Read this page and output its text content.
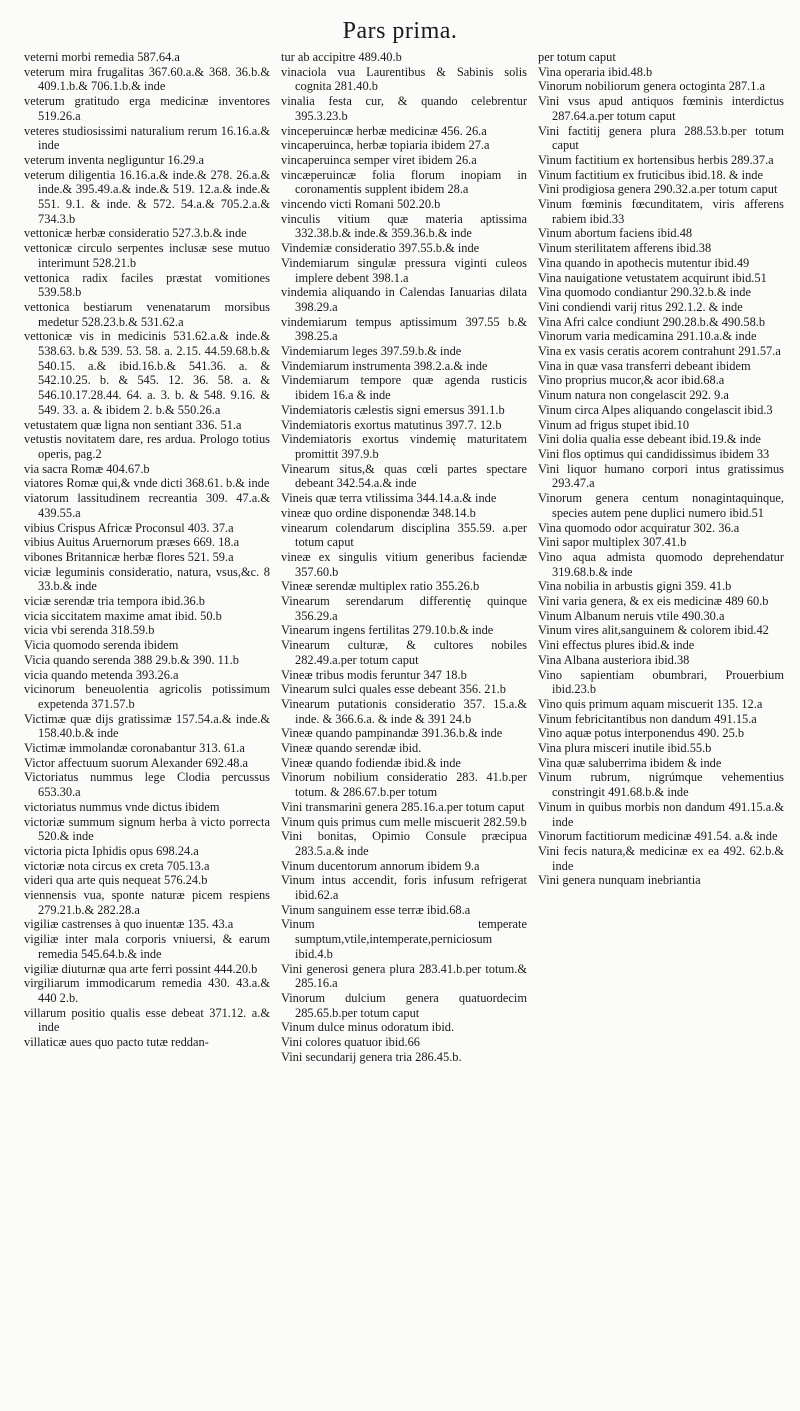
Pars prima.

veterni morbi remedia 587.64.a

veterum mira frugalitas 367.60.a.& 368. 36.b.& 409.1.b.& 706.1.b.& inde

veterum gratitudo erga medicinæ inventores 519.26.a

veteres studiosissimi naturalium rerum 16.16.a.& inde

veterum inventa negliguntur 16.29.a

veterum diligentia 16.16.a.& inde.& 278. 26.a.& inde.& 395.49.a.& inde.& 519. 12.a.& inde.& 551. 9.1. & inde. & 572. 54.a.& 705.2.a.& 734.3.b

vettonicæ herbæ consideratio 527.3.b.& inde

vettonicæ circulo serpentes inclusæ sese mutuo interimunt 528.21.b

vettonica radix faciles præstat vomitiones 539.58.b

vettonica bestiarum venenatarum morsibus medetur 528.23.b.& 531.62.a

vettonicæ vis in medicinis 531.62.a.& inde.& 538.63. b.& 539. 53. 58. a. 2.15. 44.59.68.b.& 540.15. a.& ibid.16.b.& 541.36. a. & 542.10.25. b. & 545. 12. 36. 58. a. & 546.10.17.28.44. 64. a. 3. b. & 548. 9.16. & 549. 33. a. & ibidem 2. b.& 550.26.a

vetustatem quæ ligna non sentiant 336. 51.a

vetustis novitatem dare, res ardua. Prologo totius operis, pag.2

via sacra Romæ 404.67.b

viatores Romæ qui,& vnde dicti 368.61. b.& inde

viatorum lassitudinem recreantia 309. 47.a.& 439.55.a

vibius Crispus Africæ Proconsul 403. 37.a

vibius Auitus Aruernorum præses 669. 18.a

vibones Britannicæ herbæ flores 521. 59.a

viciæ leguminis consideratio, natura, vsus,&c. 8 33.b.& inde

viciæ serendæ tria tempora ibid.36.b

vicia siccitatem maxime amat ibid. 50.b

vicia vbi serenda 318.59.b

Vicia quomodo serenda ibidem

Vicia quando serenda 388 29.b.& 390. 11.b

vicia quando metenda 393.26.a

vicinorum beneuolentia agricolis potissimum expetenda 371.57.b

Victimæ quæ dijs gratissimæ 157.54.a.& inde.& 158.40.b.& inde

Victimæ immolandæ coronabantur 313. 61.a

Victor affectuum suorum Alexander 692.48.a

Victoriatus nummus lege Clodia percussus 653.30.a

victoriatus nummus vnde dictus ibidem

victoriæ summum signum herba à victo porrecta 520.& inde

victoria picta Iphidis opus 698.24.a

victoriæ nota circus ex creta 705.13.a

videri qua arte quis nequeat 576.24.b

viennensis vua, sponte naturæ picem respiens 279.21.b.& 282.28.a

vigiliæ castrenses à quo inuentæ 135. 43.a

vigiliæ inter mala corporis vniuersi, & earum remedia 545.64.b.& inde

vigiliæ diuturnæ qua arte ferri possint 444.20.b

virgiliarum immodicarum remedia 430. 43.a.& 440 2.b.

villarum positio qualis esse debeat 371.12. a.& inde

villaticæ aues quo pacto tutæ reddan-

tur ab accipitre 489.40.b

vinaciola vua Laurentibus & Sabinis solis cognita 281.40.b

vinalia festa cur, & quando celebrentur 395.3.23.b

vinceperuincæ herbæ medicinæ 456. 26.a

vincaperuinca, herbæ topiaria ibidem 27.a

vincaperuinca semper viret ibidem 26.a

vincæperuincæ folia florum inopiam in coronamentis supplent ibidem 28.a

vincendo victi Romani 502.20.b

vinculis vitium quæ materia aptissima 332.38.b.& inde.& 359.36.b.& inde

Vindemiæ consideratio 397.55.b.& inde

Vindemiarum singulæ pressura viginti culeos implere debent 398.1.a

vindemia aliquando in Calendas Ianuarias dilata 398.29.a

vindemiarum tempus aptissimum 397.55 b.& 398.25.a

Vindemiarum leges 397.59.b.& inde

Vindemiarum instrumenta 398.2.a.& inde

Vindemiarum tempore quæ agenda rusticis ibidem 16.a & inde

Vindemiatoris cælestis signi emersus 391.1.b

Vindemiatoris exortus matutinus 397.7. 12.b

Vindemiatoris exortus vindemię maturitatem promittit 397.9.b

Vinearum situs,& quas cœli partes spectare debeant 342.54.a.& inde

Vineis quæ terra vtilissima 344.14.a.& inde

vineæ quo ordine disponendæ 348.14.b

vinearum colendarum disciplina 355.59. a.per totum caput

vineæ ex singulis vitium generibus faciendæ 357.60.b

Vineæ serendæ multiplex ratio 355.26.b

Vinearum serendarum differentię quinque 356.29.a

Vinearum ingens fertilitas 279.10.b.& inde

Vinearum culturæ, & cultores nobiles 282.49.a.per totum caput

Vineæ tribus modis feruntur 347 18.b

Vinearum sulci quales esse debeant 356. 21.b

Vinearum putationis consideratio 357. 15.a.& inde. & 366.6.a. & inde & 391 24.b

Vineæ quando pampinandæ 391.36.b.& inde

Vineæ quando serendæ ibid.

Vineæ quando fodiendæ ibid.& inde

Vinorum nobilium consideratio 283. 41.b.per totum. & 286.67.b.per totum

Vini transmarini genera 285.16.a.per totum caput

Vinum quis primus cum melle miscuerit 282.59.b

Vini bonitas, Opimio Consule præcipua 283.5.a.& inde

Vinum ducentorum annorum ibidem 9.a

Vinum intus accendit, foris infusum refrigerat ibid.62.a

Vinum sanguinem esse terræ ibid.68.a

Vinum temperate sumptum,vtile,intemperate,perniciosum ibid.4.b

Vini generosi genera plura 283.41.b.per totum.& 285.16.a

Vinorum dulcium genera quatuordecim 285.65.b.per totum caput

Vinum dulce minus odoratum ibid.

Vini colores quatuor ibid.66

Vini secundarij genera tria 286.45.b.

per totum caput

Vina operaria ibid.48.b

Vinorum nobiliorum genera octoginta 287.1.a

Vini vsus apud antiquos fœminis interdictus 287.64.a.per totum caput

Vini factitij genera plura 288.53.b.per totum caput

Vinum factitium ex hortensibus herbis 289.37.a

Vinum factitium ex fruticibus ibid.18. & inde

Vini prodigiosa genera 290.32.a.per totum caput

Vinum fœminis fœcunditatem, viris afferens rabiem ibid.33

Vinum abortum faciens ibid.48

Vinum sterilitatem afferens ibid.38

Vina quando in apothecis mutentur ibid.49

Vina nauigatione vetustatem acquirunt ibid.51

Vina quomodo condiantur 290.32.b.& inde

Vini condiendi varij ritus 292.1.2. & inde

Vina Afri calce condiunt 290.28.b.& 490.58.b

Vinorum varia medicamina 291.10.a.& inde

Vina ex vasis ceratis acorem contrahunt 291.57.a

Vina in quæ vasa transferri debeant ibidem

Vino proprius mucor,& acor ibid.68.a

Vinum natura non congelascit 292. 9.a

Vinum circa Alpes aliquando congelascit ibid.3

Vinum ad frigus stupet ibid.10

Vini dolia qualia esse debeant ibid.19.& inde

Vini flos optimus qui candidissimus ibidem 33

Vini liquor humano corpori intus gratissimus 293.47.a

Vinorum genera centum nonagintaquinque, species autem pene duplici numero ibid.51

Vina quomodo odor acquiratur 302. 36.a

Vini sapor multiplex 307.41.b

Vino aqua admista quomodo deprehendatur 319.68.b.& inde

Vina nobilia in arbustis gigni 359. 41.b

Vini varia genera, & ex eis medicinæ 489 60.b

Vinum Albanum neruis vtile 490.30.a

Vinum vires alit,sanguinem & colorem ibid.42

Vini effectus plures ibid.& inde

Vina Albana austeriora ibid.38

Vino sapientiam obumbrari, Prouerbium ibid.23.b

Vino quis primum aquam miscuerit 135. 12.a

Vinum febricitantibus non dandum 491.15.a

Vino aquæ potus interponendus 490. 25.b

Vina plura misceri inutile ibid.55.b

Vina quæ saluberrima ibidem & inde

Vinum rubrum, nigrúmque vehementius constringit 491.68.b.& inde

Vinum in quibus morbis non dandum 491.15.a.& inde

Vinorum factitiorum medicinæ 491.54. a.& inde

Vini fecis natura,& medicinæ ex ea 492. 62.b.& inde

Vini genera nunquam inebriantia
